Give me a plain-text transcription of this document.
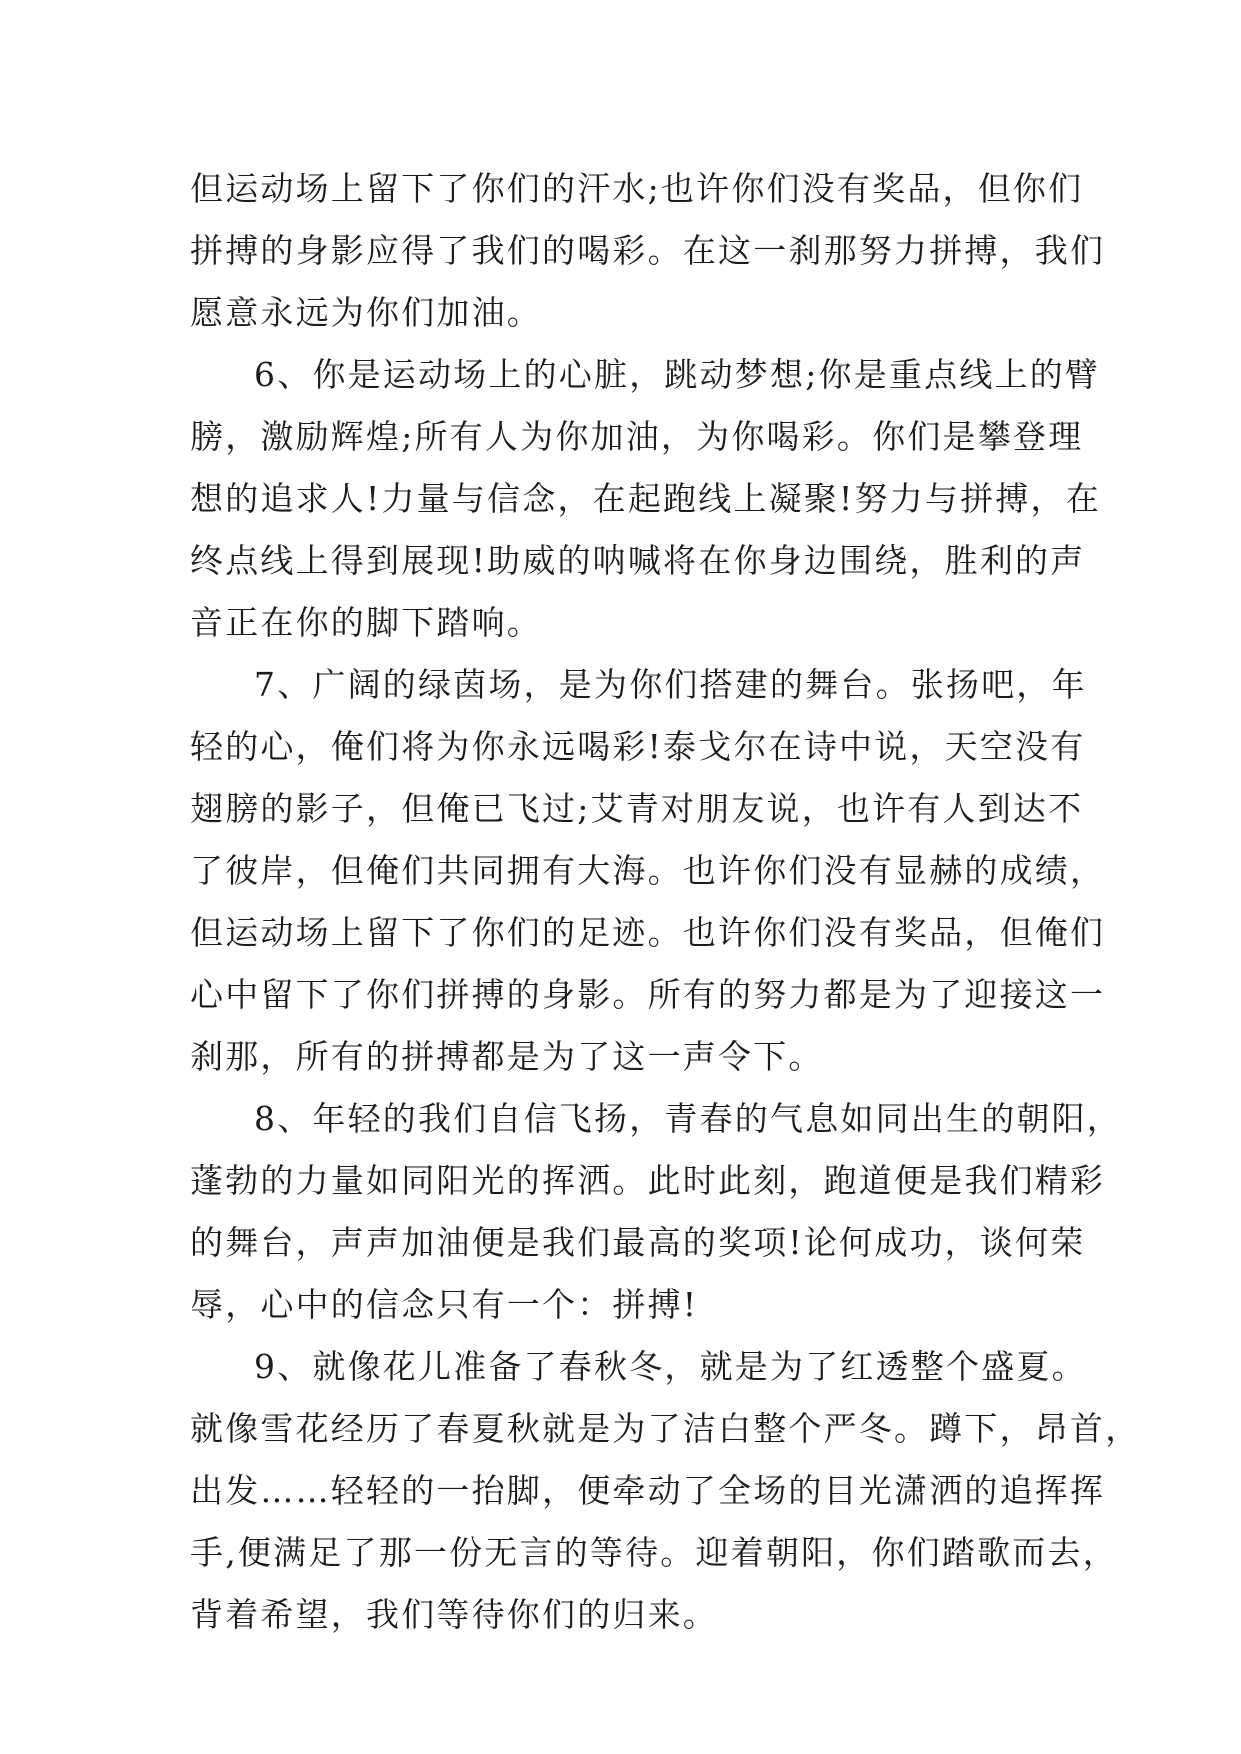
但运动场上留下了你们的汗水;也许你们没有奖品，但你们
拼搏的身影应得了我们的喝彩。在这一刹那努力拼搏，我们
愿意永远为你们加油。
6、你是运动场上的心脏，跳动梦想;你是重点线上的臂
膀，激励辉煌;所有人为你加油，为你喝彩。你们是攀登理
想的追求人!力量与信念，在起跑线上凝聚!努力与拼搏，在
终点线上得到展现!助威的呐喊将在你身边围绕，胜利的声
音正在你的脚下踏响。
7、广阔的绿茵场，是为你们搭建的舞台。张扬吧，年
轻的心，俺们将为你永远喝彩!泰戈尔在诗中说，天空没有
翅膀的影子，但俺已飞过;艾青对朋友说，也许有人到达不
了彼岸，但俺们共同拥有大海。也许你们没有显赫的成绩，
但运动场上留下了你们的足迹。也许你们没有奖品，但俺们
心中留下了你们拼搏的身影。所有的努力都是为了迎接这一
刹那，所有的拼搏都是为了这一声令下。
8、年轻的我们自信飞扬，青春的气息如同出生的朝阳，
蓬勃的力量如同阳光的挥洒。此时此刻，跑道便是我们精彩
的舞台，声声加油便是我们最高的奖项!论何成功，谈何荣
辱，心中的信念只有一个：拼搏!
9、就像花儿准备了春秋冬，就是为了红透整个盛夏。
就像雪花经历了春夏秋就是为了洁白整个严冬。蹲下，昂首，
出发……轻轻的一抬脚，便牵动了全场的目光潇洒的追挥挥
手,便满足了那一份无言的等待。迎着朝阳，你们踏歌而去，
背着希望，我们等待你们的归来。
